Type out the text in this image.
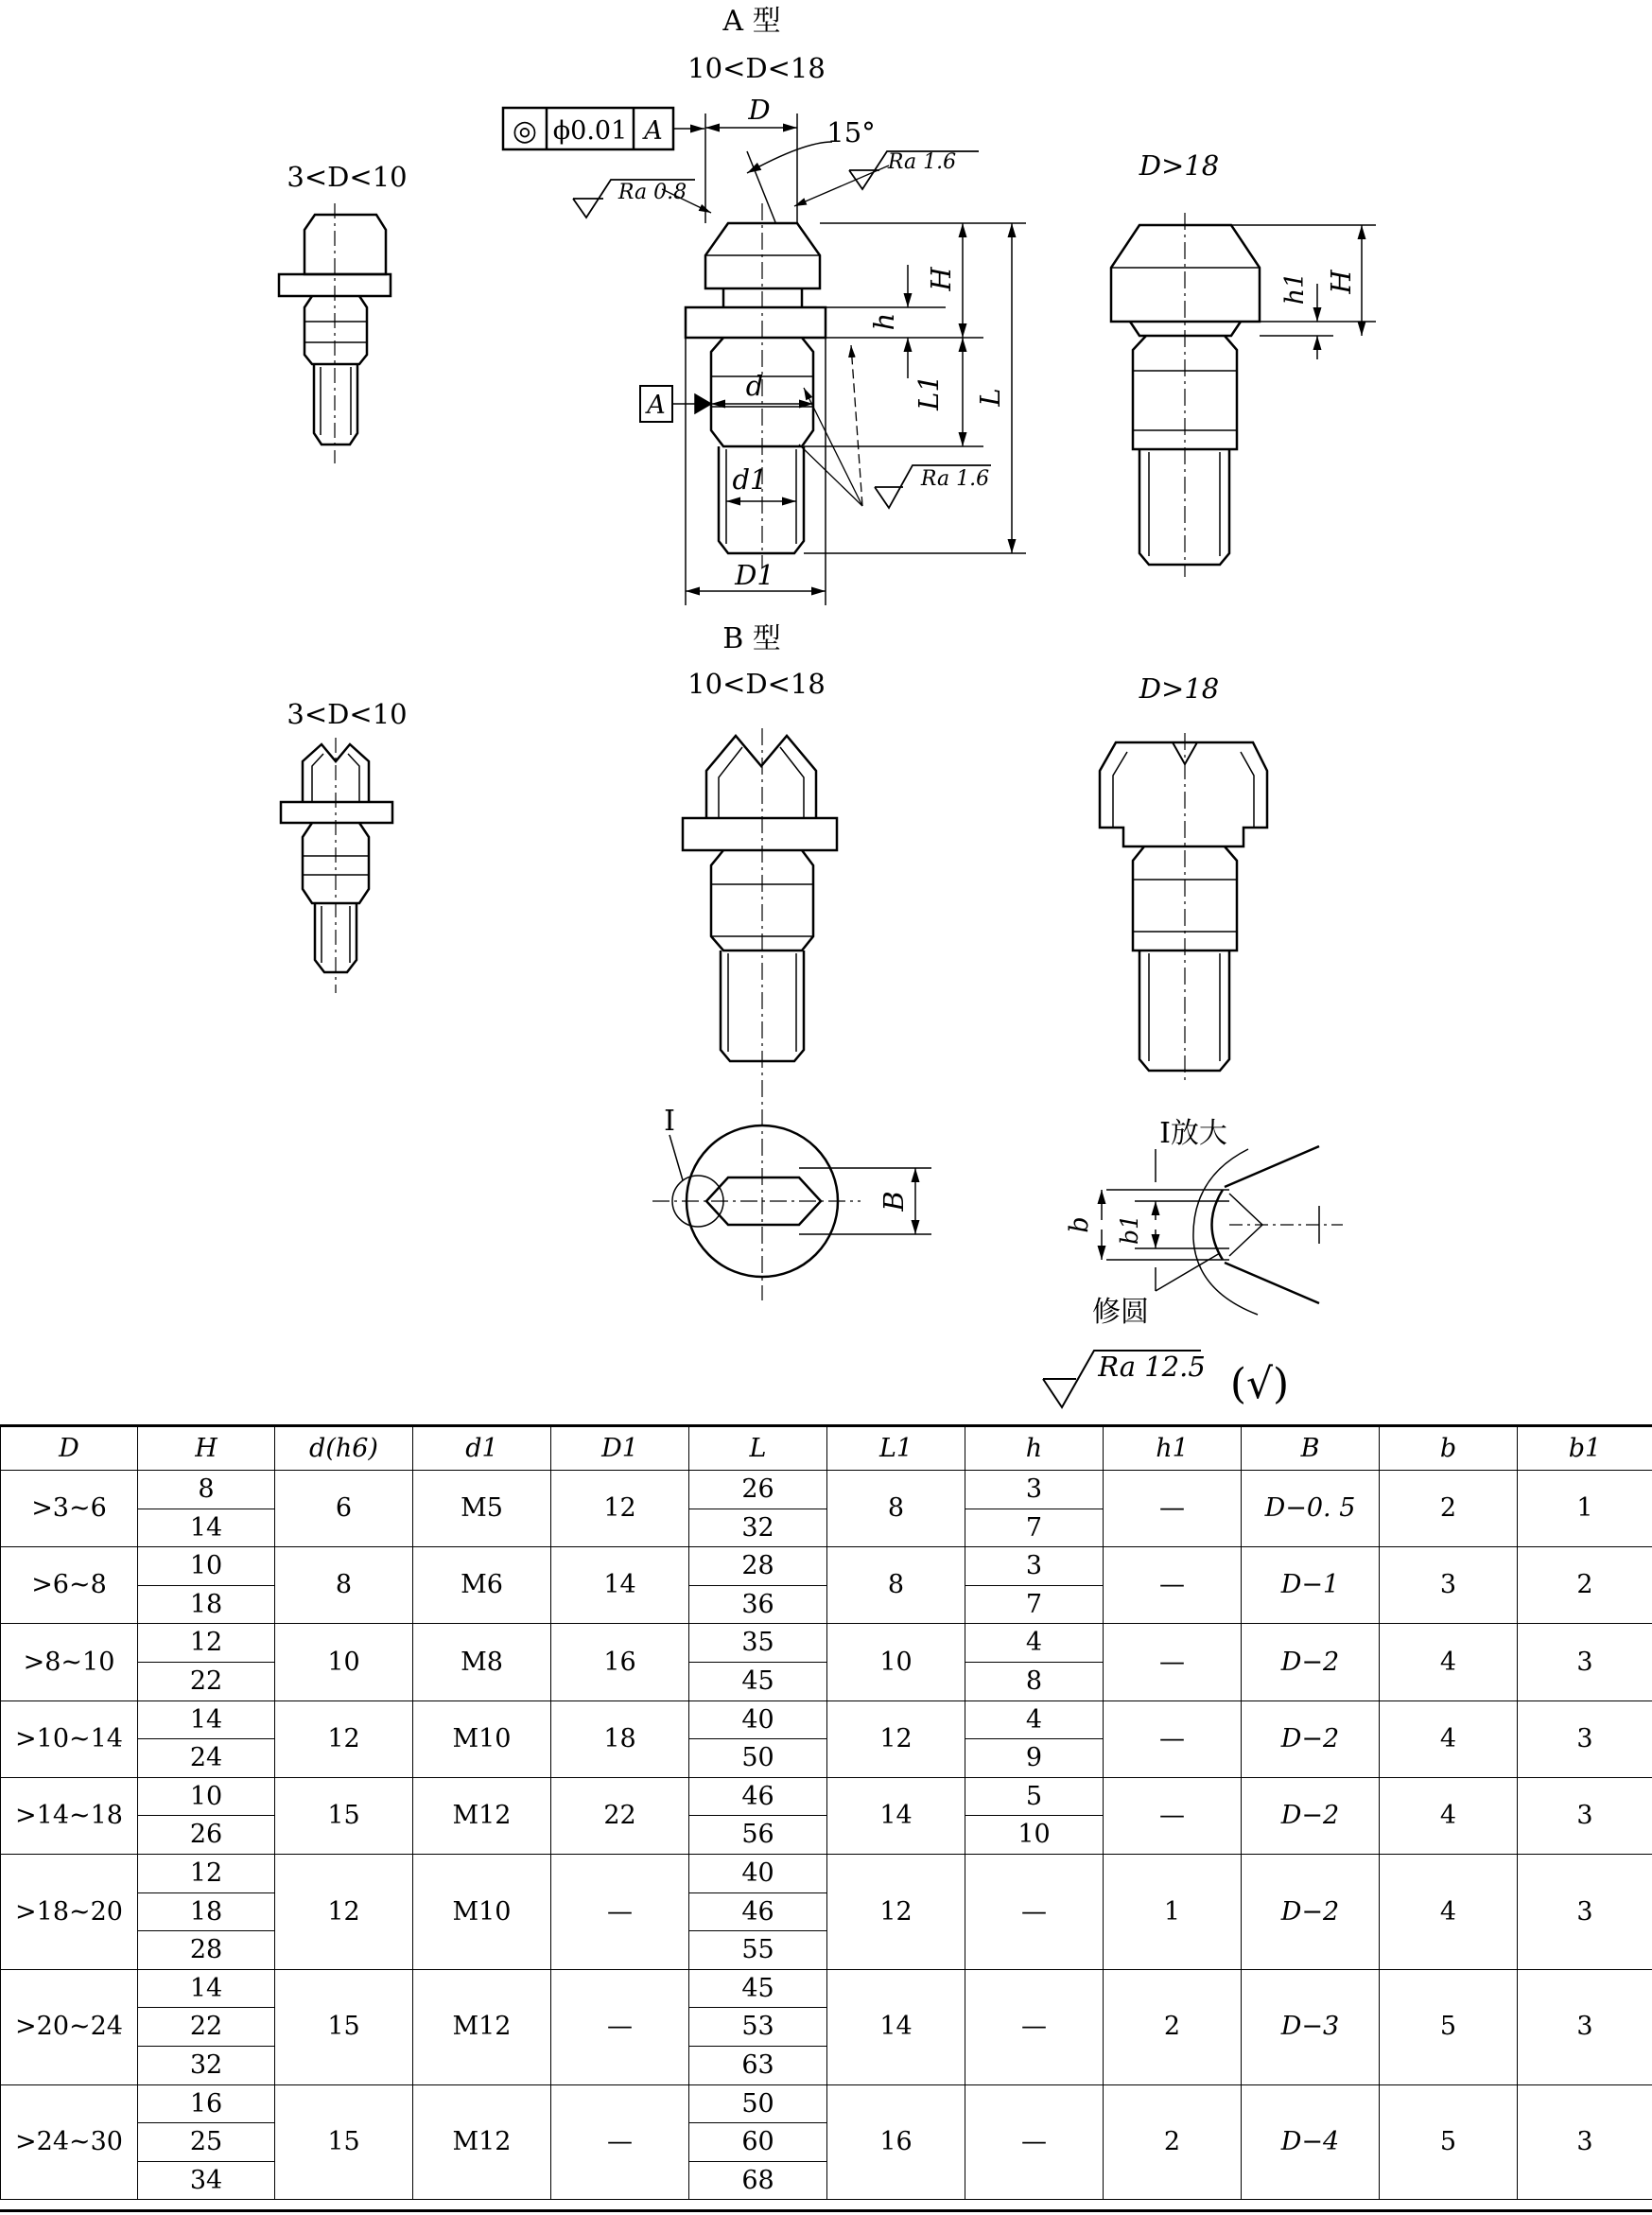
A 型
10<D<18
3<D<10	D>18
◎ ϕ0.01 A
D
15°
Ra 1.6
Ra 0.8
H
h
L1 L
A
d
d1
D1
Ra 1.6
H
h1
B 型
10<D<18
3<D<10
D>18
Ⅰ
B
Ⅰ放大
b b1
修圆
Ra 12.5 (√)
D	H	d(h6)	d1	D1	L	L1	h	h1	B	b	b1
>3~6	8	6	M5	12	26	8	3	—	D−0. 5	2	1
	14				32		7				
>6~8	10	8	M6	14	28	8	3	—	D−1	3	2
	18				36		7				
>8~10	12	10	M8	16	35	10	4	—	D−2	4	3
	22				45		8				
>10~14	14	12	M10	18	40	12	4	—	D−2	4	3
	24				50		9				
>14~18	10	15	M12	22	46	14	5	—	D−2	4	3
	26				56		10				
>18~20	12	12	M10	—	40	12	—	1	D−2	4	3
	18				46						
	28				55						
>20~24	14	15	M12	—	45	14	—	2	D−3	5	3
	22				53						
	32				63						
>24~30	16	15	M12	—	50	16	—	2	D−4	5	3
	25				60						
	34				68						
